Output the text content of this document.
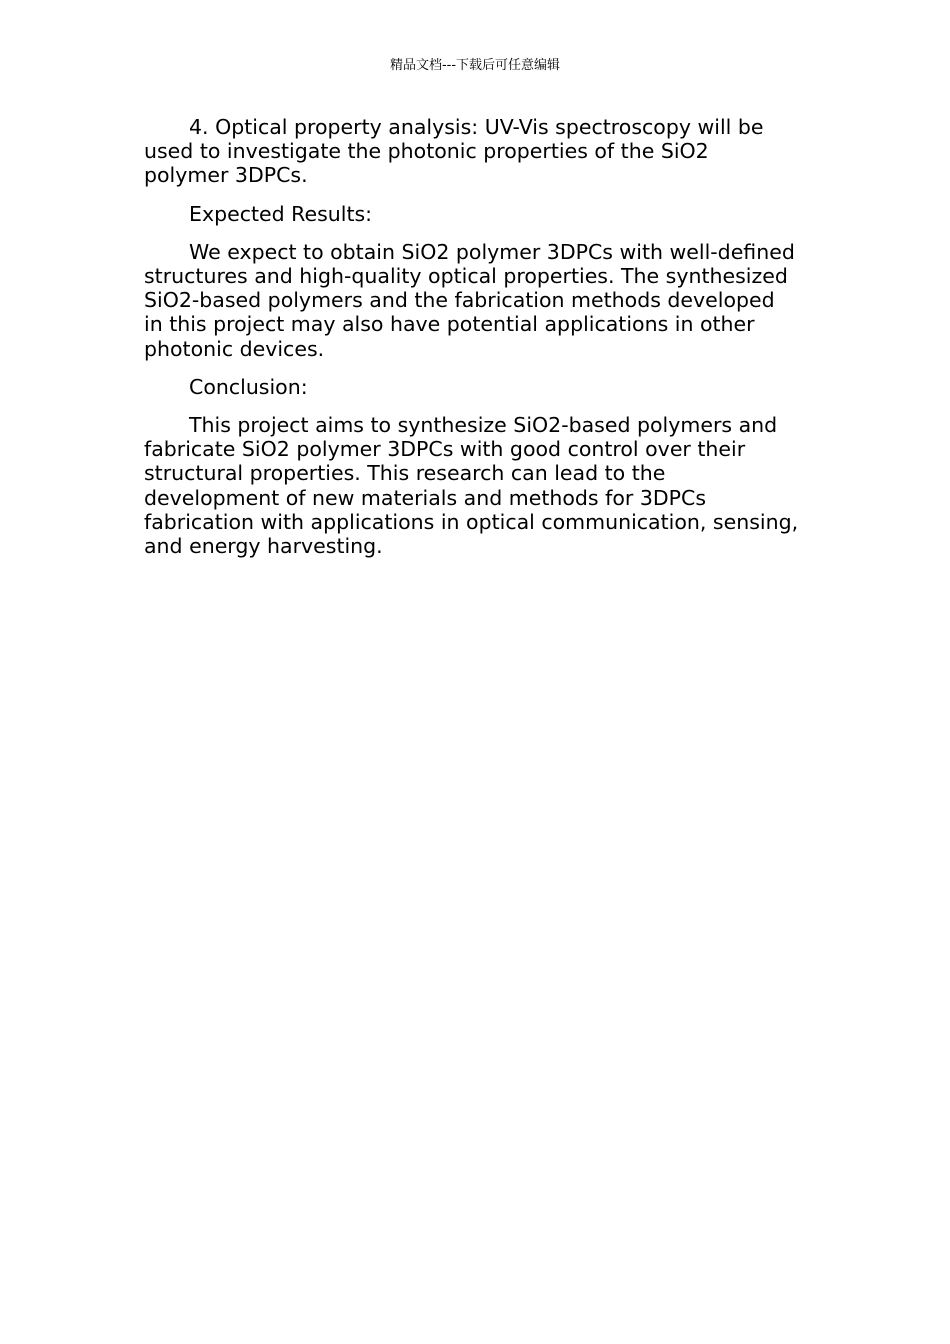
精品文档---下载后可任意编辑

4. Optical property analysis: UV-Vis spectroscopy will be
used to investigate the photonic properties of the SiO2
polymer 3DPCs.

Expected Results:

We expect to obtain SiO2 polymer 3DPCs with well-defined
structures and high-quality optical properties. The synthesized
SiO2-based polymers and the fabrication methods developed
in this project may also have potential applications in other
photonic devices.

Conclusion:

This project aims to synthesize SiO2-based polymers and
fabricate SiO2 polymer 3DPCs with good control over their
structural properties. This research can lead to the
development of new materials and methods for 3DPCs
fabrication with applications in optical communication, sensing,
and energy harvesting.
